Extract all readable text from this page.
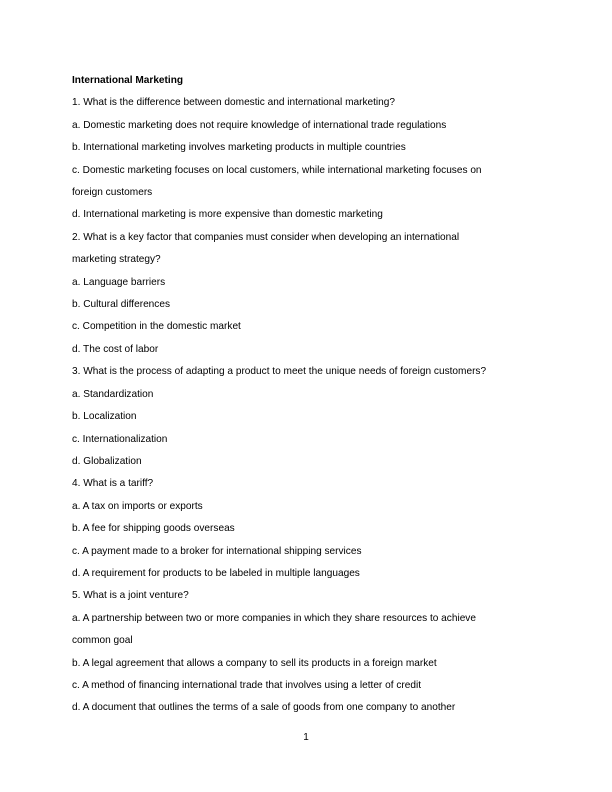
International Marketing
1. What is the difference between domestic and international marketing?
a. Domestic marketing does not require knowledge of international trade regulations
b. International marketing involves marketing products in multiple countries
c. Domestic marketing focuses on local customers, while international marketing focuses on
foreign customers
d. International marketing is more expensive than domestic marketing
2. What is a key factor that companies must consider when developing an international
marketing strategy?
a. Language barriers
b. Cultural differences
c. Competition in the domestic market
d. The cost of labor
3. What is the process of adapting a product to meet the unique needs of foreign customers?
a. Standardization
b. Localization
c. Internationalization
d. Globalization
4. What is a tariff?
a. A tax on imports or exports
b. A fee for shipping goods overseas
c. A payment made to a broker for international shipping services
d. A requirement for products to be labeled in multiple languages
5. What is a joint venture?
a. A partnership between two or more companies in which they share resources to achieve
common goal
b. A legal agreement that allows a company to sell its products in a foreign market
c. A method of financing international trade that involves using a letter of credit
d. A document that outlines the terms of a sale of goods from one company to another
1
